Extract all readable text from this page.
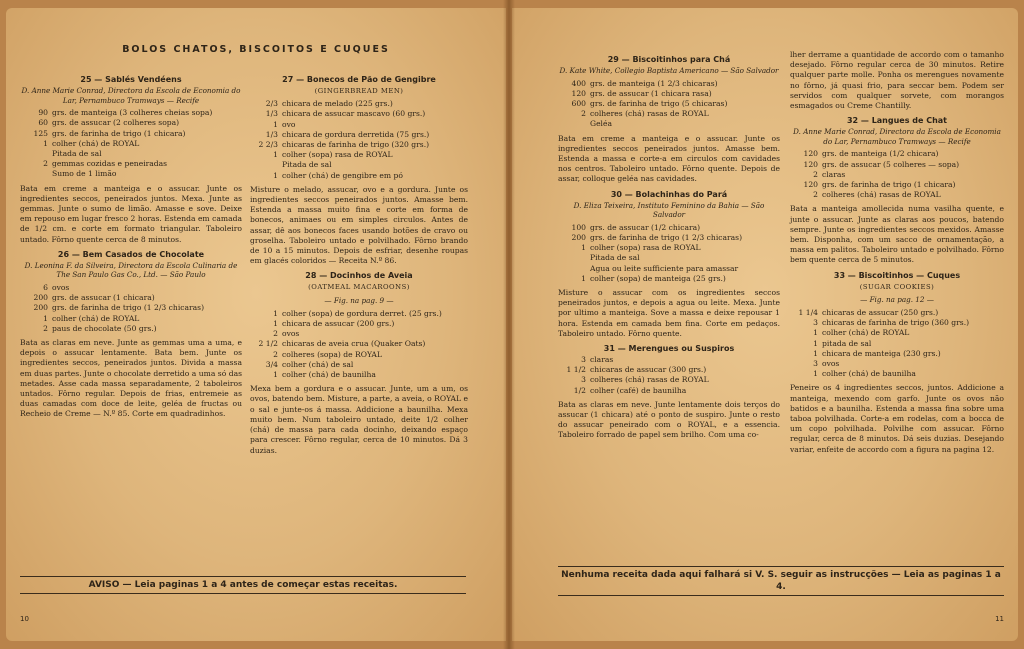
BOLOS CHATOS, BISCOITOS E CUQUES
25 — Sablés Vendéens
D. Anne Marie Conrad, Directora da Escola de Economia do Lar, Pernambuco Tramways — Recife
90 grs. de manteiga (3 colheres cheias sopa)
60 grs. de assucar (2 colheres sopa)
125 grs. de farinha de trigo (1 chicara)
1 colher (chá) de ROYAL
Pitada de sal
2 gemmas cozidas e peneiradas
Sumo de 1 limão
Bata em creme a manteiga e o assucar. Junte os ingredientes seccos, peneirados juntos. Mexa. Junte as gemmas. Junte o sumo de limão. Amasse e sove. Deixe em repouso em lugar fresco 2 horas. Estenda em camada de 1/2 cm. e corte em formato triangular. Taboleiro untado. Fôrno quente cerca de 8 minutos.
26 — Bem Casados de Chocolate
D. Leonina F. da Silveira, Directora da Escola Culinaria de The San Paulo Gas Co., Ltd. — São Paulo
6 ovos
200 grs. de assucar (1 chicara)
200 grs. de farinha de trigo (1 2/3 chicaras)
1 colher (chá) de ROYAL
2 paus de chocolate (50 grs.)
Bata as claras em neve. Junte as gemmas uma a uma, e depois o assucar lentamente. Bata bem. Junte os ingredientes seccos, peneirados juntos. Divida a massa em duas partes. Junte o chocolate derretido a uma só das metades. Asse cada massa separadamente, 2 taboleiros untados. Fôrno regular. Depois de frias, entremeie as duas camadas com doce de leite, geléa de fructas ou Recheio de Creme — N.º 85. Corte em quadradinhos.
27 — Bonecos de Pão de Gengibre
(GINGERBREAD MEN)
2/3 chicara de melado (225 grs.)
1/3 chicara de assucar mascavo (60 grs.)
1 ovo
1/3 chicara de gordura derretida (75 grs.)
2 2/3 chicaras de farinha de trigo (320 grs.)
1 colher (sopa) rasa de ROYAL
Pitada de sal
1 colher (chá) de gengibre em pó
Misture o melado, assucar, ovo e a gordura. Junte os ingredientes seccos peneirados juntos. Amasse bem. Estenda a massa muito fina e corte em forma de bonecos, animaes ou em simples circulos. Antes de assar, dê aos bonecos faces usando botões de cravo ou groselha. Taboleiro untado e polvilhado. Fôrno brando de 10 a 15 minutos. Depois de esfriar, desenhe roupas em glacés coloridos — Receita N.º 86.
28 — Docinhos de Aveia
(OATMEAL MACAROONS)
— Fig. na pag. 9 —
1 colher (sopa) de gordura derret. (25 grs.)
1 chicara de assucar (200 grs.)
2 ovos
2 1/2 chicaras de aveia crua (Quaker Oats)
2 colheres (sopa) de ROYAL
3/4 colher (chá) de sal
1 colher (chá) de baunilha
Mexa bem a gordura e o assucar. Junte, um a um, os ovos, batendo bem. Misture, a parte, a aveia, o ROYAL e o sal e junte-os á massa. Addicione a baunilha. Mexa muito bem. Num taboleiro untado, deite 1/2 colher (chá) de massa para cada docinho, deixando espaço para crescer. Fôrno regular, cerca de 10 minutos. Dá 3 duzias.
AVISO — Leia paginas 1 a 4 antes de começar estas receitas.
10
29 — Biscoitinhos para Chá
D. Kate White, Collegio Baptista Americano — São Salvador
400 grs. de manteiga (1 2/3 chicaras)
120 grs. de assucar (1 chicara rasa)
600 grs. de farinha de trigo (5 chicaras)
2 colheres (chá) rasas de ROYAL
Geléa
Bata em creme a manteiga e o assucar. Junte os ingredientes seccos peneirados juntos. Amasse bem. Estenda a massa e corte-a em circulos com cavidades nos centros. Taboleiro untado. Fôrno quente. Depois de assar, colloque geléa nas cavidades.
30 — Bolachinhas do Pará
D. Eliza Teixeira, Instituto Feminino da Bahia — São Salvador
100 grs. de assucar (1/2 chicara)
200 grs. de farinha de trigo (1 2/3 chicaras)
1 colher (sopa) rasa de ROYAL
Pitada de sal
Agua ou leite sufficiente para amassar
1 colher (sopa) de manteiga (25 grs.)
Misture o assucar com os ingredientes seccos peneirados juntos, e depois a agua ou leite. Mexa. Junte por ultimo a manteiga. Sove a massa e deixe repousar 1 hora. Estenda em camada bem fina. Corte em pedaços. Taboleiro untado. Fôrno quente.
31 — Merengues ou Suspiros
3 claras
1 1/2 chicaras de assucar (300 grs.)
3 colheres (chá) rasas de ROYAL
1/2 colher (café) de baunilha
Bata as claras em neve. Junte lentamente dois terços do assucar (1 chicara) até o ponto de suspiro. Junte o resto do assucar peneirado com o ROYAL, e a essencia. Taboleiro forrado de papel sem brilho. Com uma co-
lher derrame a quantidade de accordo com o tamanho desejado. Fôrno regular cerca de 30 minutos. Retire qualquer parte molle. Ponha os merengues novamente no fôrno, já quasi frio, para seccar bem. Podem ser servidos com qualquer sorvete, com morangos esmagados ou Creme Chantilly.
32 — Langues de Chat
D. Anne Marie Conrad, Directora da Escola de Economia do Lar, Pernambuco Tramways — Recife
120 grs. de manteiga (1/2 chicara)
120 grs. de assucar (5 colheres — sopa)
2 claras
120 grs. de farinha de trigo (1 chicara)
2 colheres (chá) rasas de ROYAL
Bata a manteiga amollecida numa vasilha quente, e junte o assucar. Junte as claras aos poucos, batendo sempre. Junte os ingredientes seccos mexidos. Amasse bem. Disponha, com um sacco de ornamentação, a massa em palitos. Taboleiro untado e polvilhado. Fôrno bem quente cerca de 5 minutos.
33 — Biscoitinhos — Cuques
(SUGAR COOKIES)
— Fig. na pag. 12 —
1 1/4 chicaras de assucar (250 grs.)
3 chicaras de farinha de trigo (360 grs.)
1 colher (chá) de ROYAL
1 pitada de sal
1 chicara de manteiga (230 grs.)
3 ovos
1 colher (chá) de baunilha
Peneire os 4 ingredientes seccos, juntos. Addicione a manteiga, mexendo com garfo. Junte os ovos não batidos e a baunilha. Estenda a massa fina sobre uma taboa polvilhada. Corte-a em rodelas, com a bocca de um copo polvilhada. Polvilhe com assucar. Fôrno regular, cerca de 8 minutos. Dá seis duzias. Desejando variar, enfeite de accordo com a figura na pagina 12.
Nenhuma receita dada aqui falhará si V. S. seguir as instrucções — Leia as paginas 1 a 4.
11
